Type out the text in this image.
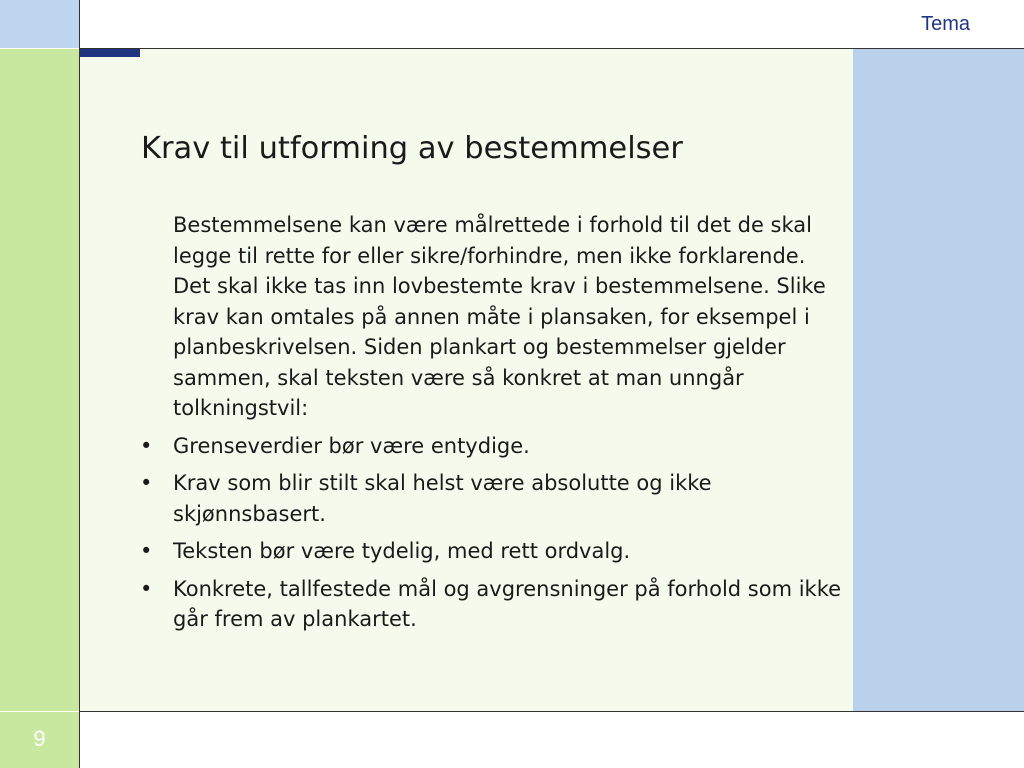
Tema
9
Krav til utforming av bestemmelser

Bestemmelsene kan være målrettede i forhold til det de skal legge til rette for eller sikre/forhindre, men ikke forklarende. Det skal ikke tas inn lovbestemte krav i bestemmelsene. Slike krav kan omtales på annen måte i plansaken, for eksempel i planbeskrivelsen. Siden plankart og bestemmelser gjelder sammen, skal teksten være så konkret at man unngår tolkningstvil:

• Grenseverdier bør være entydige.
• Krav som blir stilt skal helst være absolutte og ikke skjønnsbasert.
• Teksten bør være tydelig, med rett ordvalg.
• Konkrete, tallfestede mål og avgrensninger på forhold som ikke går frem av plankartet.
